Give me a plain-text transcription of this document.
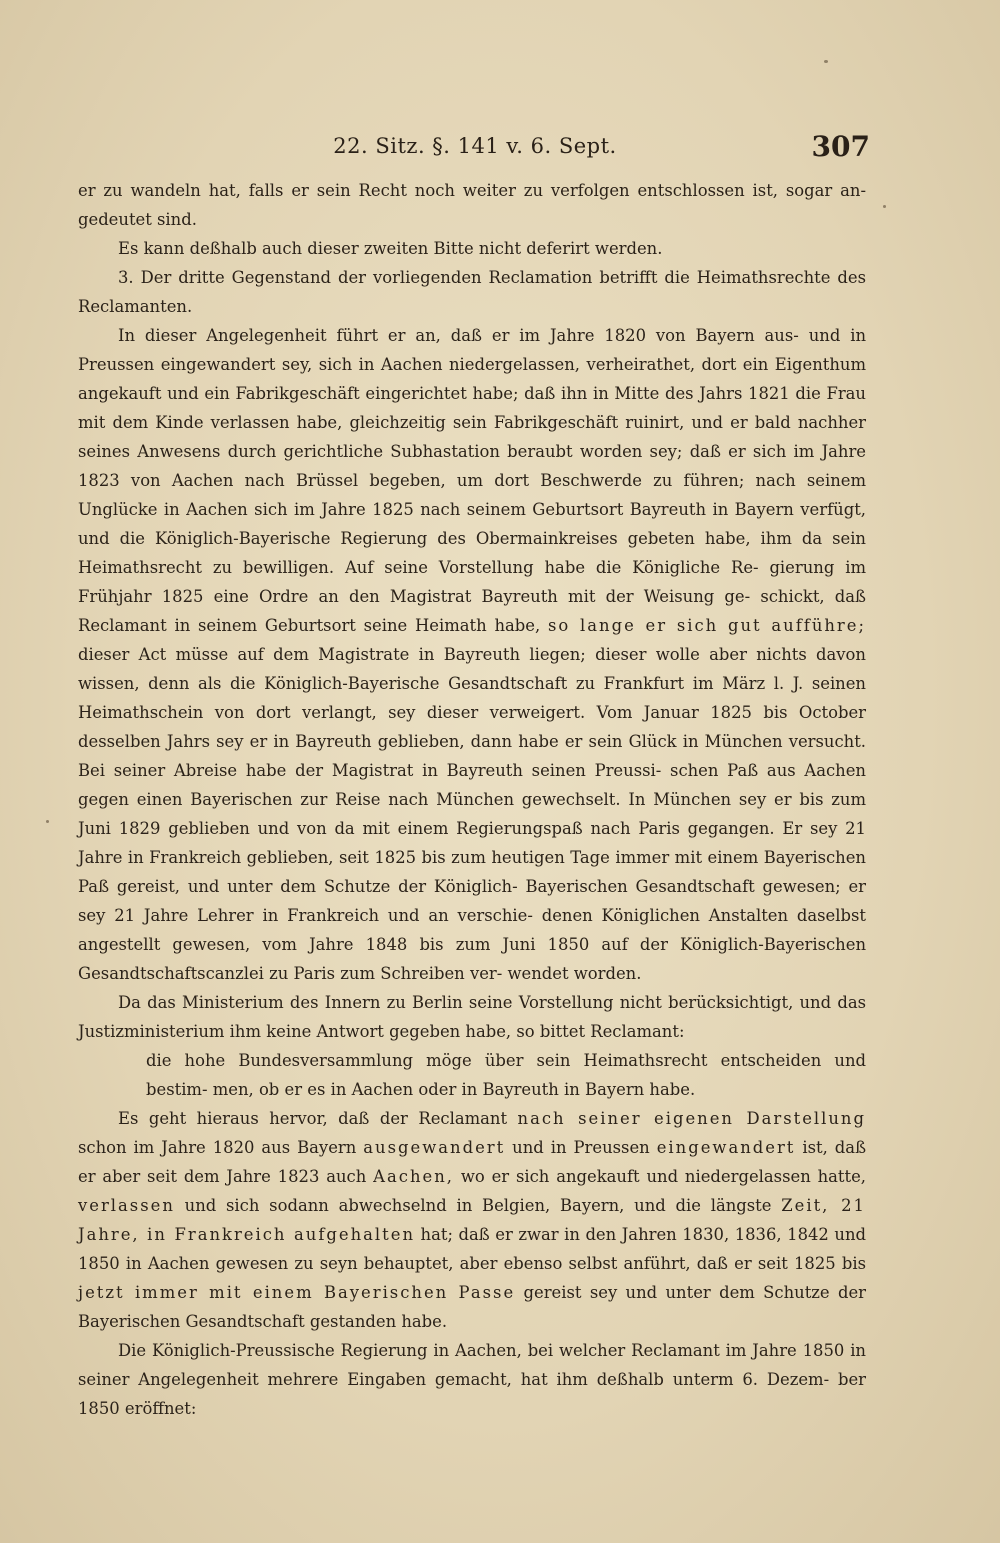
22. Sitz. §. 141 v. 6. Sept.	307

er zu wandeln hat, falls er sein Recht noch weiter zu verfolgen entschlossen ist, sogar an- gedeutet sind.

Es kann deßhalb auch dieser zweiten Bitte nicht deferirt werden.

3. Der dritte Gegenstand der vorliegenden Reclamation betrifft die Heimathsrechte des Reclamanten.

In dieser Angelegenheit führt er an, daß er im Jahre 1820 von Bayern aus- und in Preussen eingewandert sey, sich in Aachen niedergelassen, verheirathet, dort ein Eigenthum angekauft und ein Fabrikgeschäft eingerichtet habe; daß ihn in Mitte des Jahrs 1821 die Frau mit dem Kinde verlassen habe, gleichzeitig sein Fabrikgeschäft ruinirt, und er bald nachher seines Anwesens durch gerichtliche Subhastation beraubt worden sey; daß er sich im Jahre 1823 von Aachen nach Brüssel begeben, um dort Beschwerde zu führen; nach seinem Unglücke in Aachen sich im Jahre 1825 nach seinem Geburtsort Bayreuth in Bayern verfügt, und die Königlich-Bayerische Regierung des Obermainkreises gebeten habe, ihm da sein Heimathsrecht zu bewilligen. Auf seine Vorstellung habe die Königliche Re- gierung im Frühjahr 1825 eine Ordre an den Magistrat Bayreuth mit der Weisung ge- schickt, daß Reclamant in seinem Geburtsort seine Heimath habe, so lange er sich gut aufführe; dieser Act müsse auf dem Magistrate in Bayreuth liegen; dieser wolle aber nichts davon wissen, denn als die Königlich-Bayerische Gesandtschaft zu Frankfurt im März l. J. seinen Heimathschein von dort verlangt, sey dieser verweigert. Vom Januar 1825 bis October desselben Jahrs sey er in Bayreuth geblieben, dann habe er sein Glück in München versucht. Bei seiner Abreise habe der Magistrat in Bayreuth seinen Preussi- schen Paß aus Aachen gegen einen Bayerischen zur Reise nach München gewechselt. In München sey er bis zum Juni 1829 geblieben und von da mit einem Regierungspaß nach Paris gegangen. Er sey 21 Jahre in Frankreich geblieben, seit 1825 bis zum heutigen Tage immer mit einem Bayerischen Paß gereist, und unter dem Schutze der Königlich- Bayerischen Gesandtschaft gewesen; er sey 21 Jahre Lehrer in Frankreich und an verschie- denen Königlichen Anstalten daselbst angestellt gewesen, vom Jahre 1848 bis zum Juni 1850 auf der Königlich-Bayerischen Gesandtschaftscanzlei zu Paris zum Schreiben ver- wendet worden.

Da das Ministerium des Innern zu Berlin seine Vorstellung nicht berücksichtigt, und das Justizministerium ihm keine Antwort gegeben habe, so bittet Reclamant:

die hohe Bundesversammlung möge über sein Heimathsrecht entscheiden und bestim- men, ob er es in Aachen oder in Bayreuth in Bayern habe.

Es geht hieraus hervor, daß der Reclamant nach seiner eigenen Darstellung schon im Jahre 1820 aus Bayern ausgewandert und in Preussen eingewandert ist, daß er aber seit dem Jahre 1823 auch Aachen, wo er sich angekauft und niedergelassen hatte, verlassen und sich sodann abwechselnd in Belgien, Bayern, und die längste Zeit, 21 Jahre, in Frankreich aufgehalten hat; daß er zwar in den Jahren 1830, 1836, 1842 und 1850 in Aachen gewesen zu seyn behauptet, aber ebenso selbst anführt, daß er seit 1825 bis jetzt immer mit einem Bayerischen Passe gereist sey und unter dem Schutze der Bayerischen Gesandtschaft gestanden habe.

Die Königlich-Preussische Regierung in Aachen, bei welcher Reclamant im Jahre 1850 in seiner Angelegenheit mehrere Eingaben gemacht, hat ihm deßhalb unterm 6. Dezem- ber 1850 eröffnet:
